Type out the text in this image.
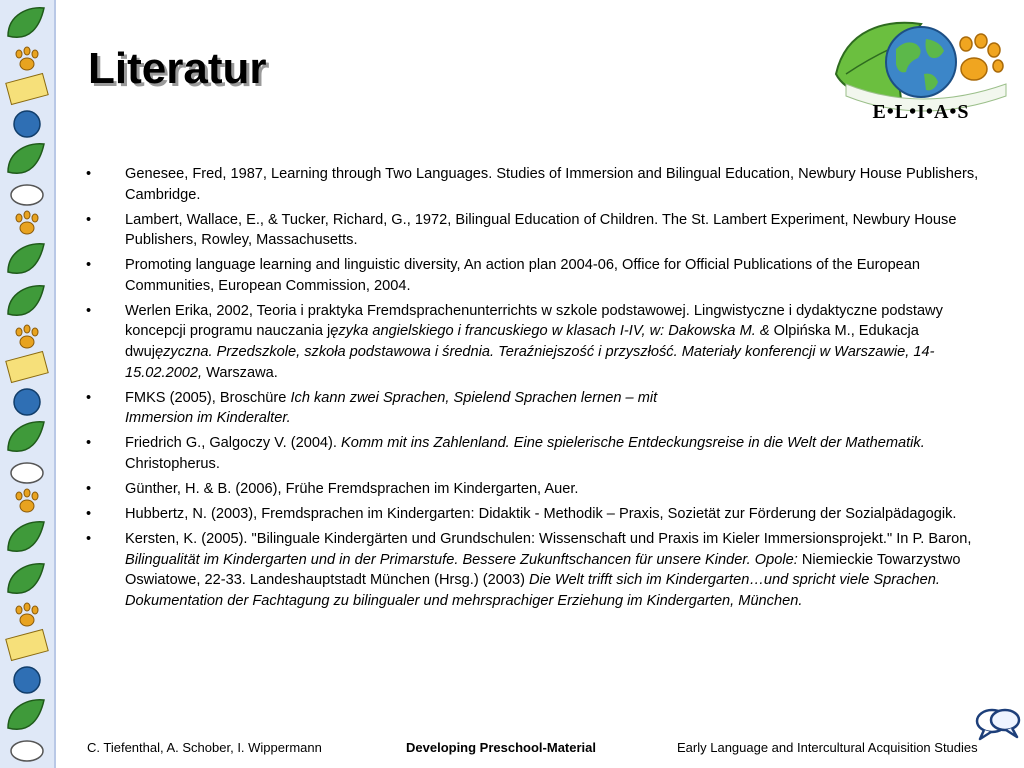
Literatur
E•L•I•A•S
•	Genesee, Fred, 1987, Learning through Two Languages. Studies of Immersion and Bilingual Education, Newbury House Publishers, Cambridge.
•	Lambert, Wallace, E., & Tucker, Richard, G., 1972, Bilingual Education of Children. The St. Lambert Experiment, Newbury House Publishers, Rowley, Massachusetts.
•	Promoting language learning and linguistic diversity, An action plan 2004-06, Office for Official Publications of the European Communities, European Commission, 2004.
•	Werlen Erika, 2002, Teoria i praktyka Fremdsprachenunterrichts w szkole podstawowej. Lingwistyczne i dydaktyczne podstawy koncepcji programu nauczania języka angielskiego i francuskiego w klasach I-IV, w: Dakowska M. & Olpińska M., Edukacja dwujęzyczna. Przedszkole, szkoła podstawowa i średnia. Teraźniejszość i przyszłość. Materiały konferencji w Warszawie, 14-15.02.2002, Warszawa.
•	FMKS (2005), Broschüre Ich kann zwei Sprachen, Spielend Sprachen lernen – mit
Immersion im Kinderalter.
•	Friedrich G., Galgoczy V. (2004). Komm mit ins Zahlenland. Eine spielerische Entdeckungsreise in die Welt der Mathematik. Christopherus.
•	Günther, H. & B. (2006), Frühe Fremdsprachen im Kindergarten, Auer.
•	Hubbertz, N. (2003), Fremdsprachen im Kindergarten: Didaktik - Methodik – Praxis, Sozietät zur Förderung der Sozialpädagogik.
•	Kersten, K. (2005). "Bilinguale Kindergärten und Grundschulen: Wissenschaft und Praxis im Kieler Immersionsprojekt." In P. Baron, Bilingualität im Kindergarten und in der Primarstufe. Bessere Zukunftschancen für unsere Kinder. Opole: Niemieckie Towarzystwo Oswiatowe, 22-33. Landeshauptstadt München (Hrsg.) (2003) Die Welt trifft sich im Kindergarten…und spricht viele Sprachen. Dokumentation der Fachtagung zu bilingualer und mehrsprachiger Erziehung im Kindergarten, München.
C. Tiefenthal, A. Schober, I. Wippermann	Developing Preschool-Material	Early Language and Intercultural Acquisition Studies
